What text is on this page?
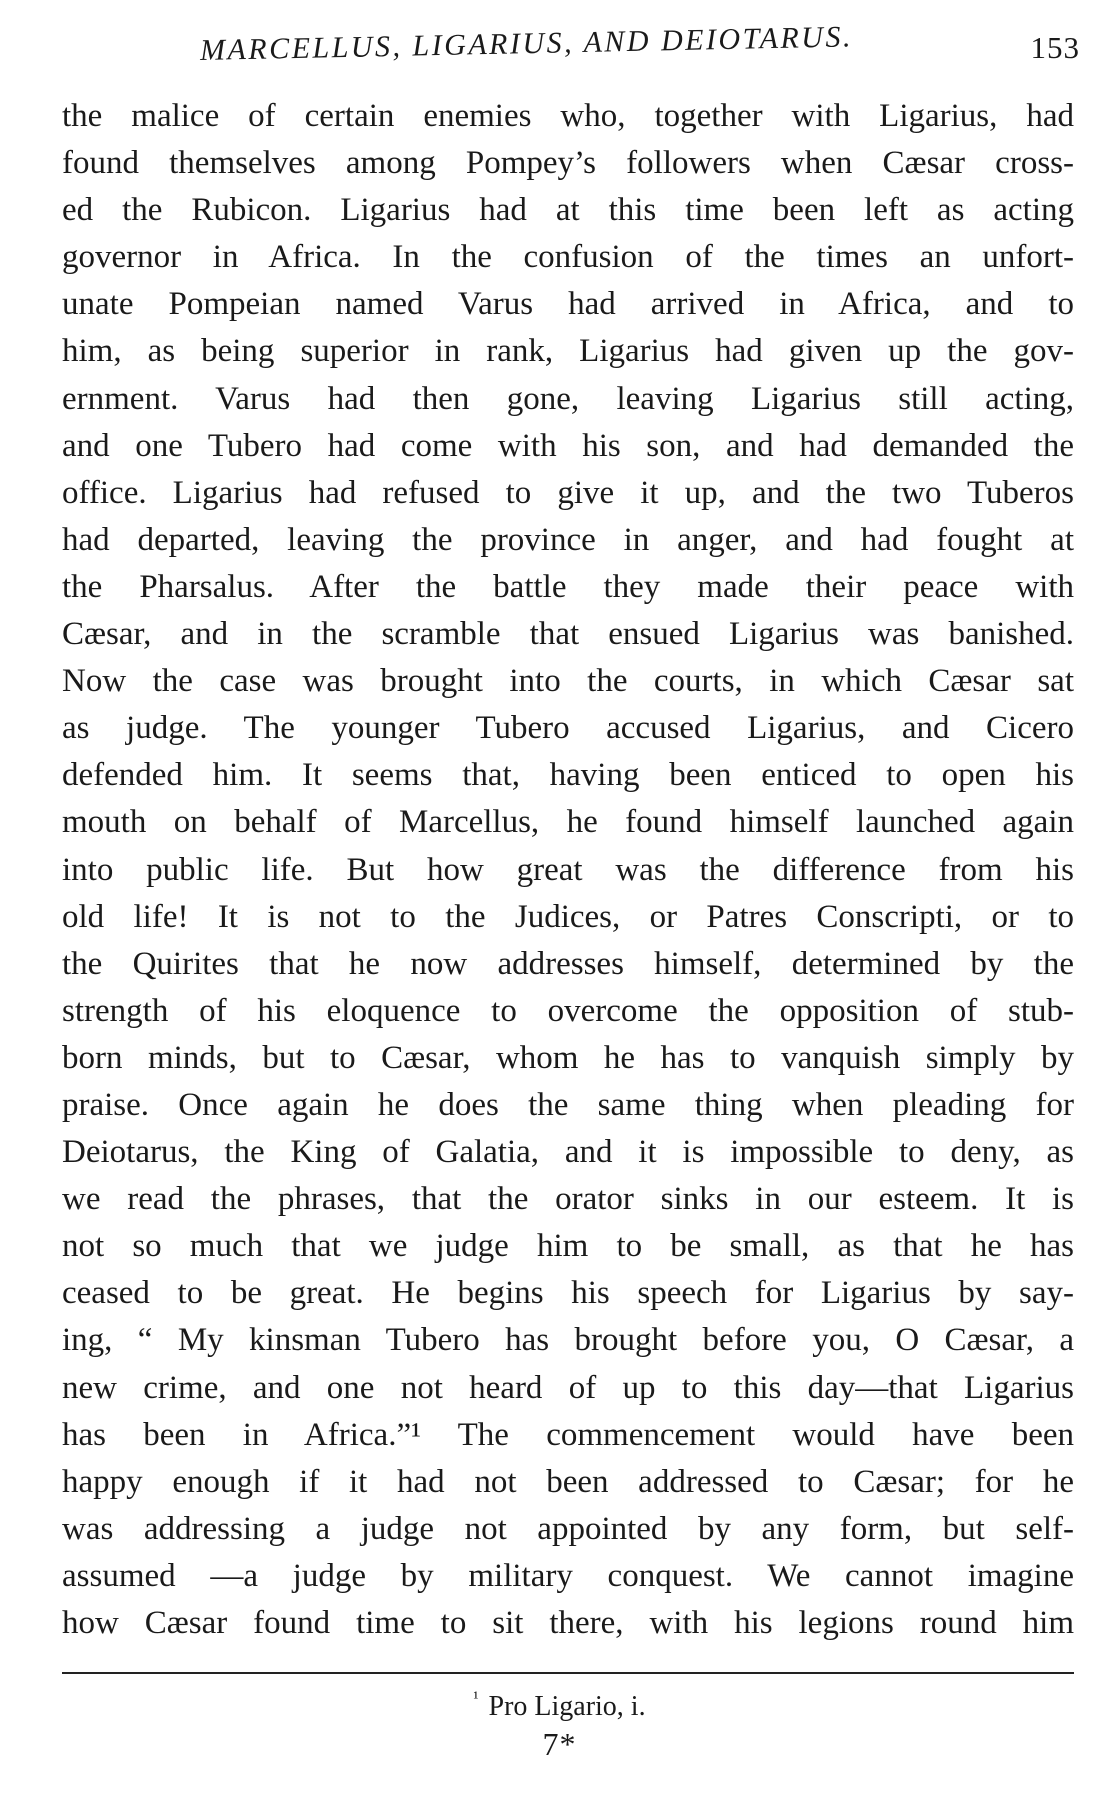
MARCELLUS, LIGARIUS, AND DEIOTARUS.	153
the malice of certain enemies who, together with Ligarius, had
found themselves among Pompey’s followers when Cæsar cross-
ed the Rubicon. Ligarius had at this time been left as acting
governor in Africa. In the confusion of the times an unfort-
unate Pompeian named Varus had arrived in Africa, and to
him, as being superior in rank, Ligarius had given up the gov-
ernment. Varus had then gone, leaving Ligarius still acting,
and one Tubero had come with his son, and had demanded the
office. Ligarius had refused to give it up, and the two Tuberos
had departed, leaving the province in anger, and had fought at
the Pharsalus. After the battle they made their peace with
Cæsar, and in the scramble that ensued Ligarius was banished.
Now the case was brought into the courts, in which Cæsar sat
as judge. The younger Tubero accused Ligarius, and Cicero
defended him. It seems that, having been enticed to open his
mouth on behalf of Marcellus, he found himself launched again
into public life. But how great was the difference from his
old life! It is not to the Judices, or Patres Conscripti, or to
the Quirites that he now addresses himself, determined by the
strength of his eloquence to overcome the opposition of stub-
born minds, but to Cæsar, whom he has to vanquish simply by
praise. Once again he does the same thing when pleading for
Deiotarus, the King of Galatia, and it is impossible to deny, as
we read the phrases, that the orator sinks in our esteem. It is
not so much that we judge him to be small, as that he has
ceased to be great. He begins his speech for Ligarius by say-
ing, “ My kinsman Tubero has brought before you, O Cæsar, a
new crime, and one not heard of up to this day—that Ligarius
has been in Africa.”¹ The commencement would have been
happy enough if it had not been addressed to Cæsar; for he
was addressing a judge not appointed by any form, but self-
assumed —a judge by military conquest. We cannot imagine
how Cæsar found time to sit there, with his legions round him
$^{^1}$ Pro Ligario, i.
7*
